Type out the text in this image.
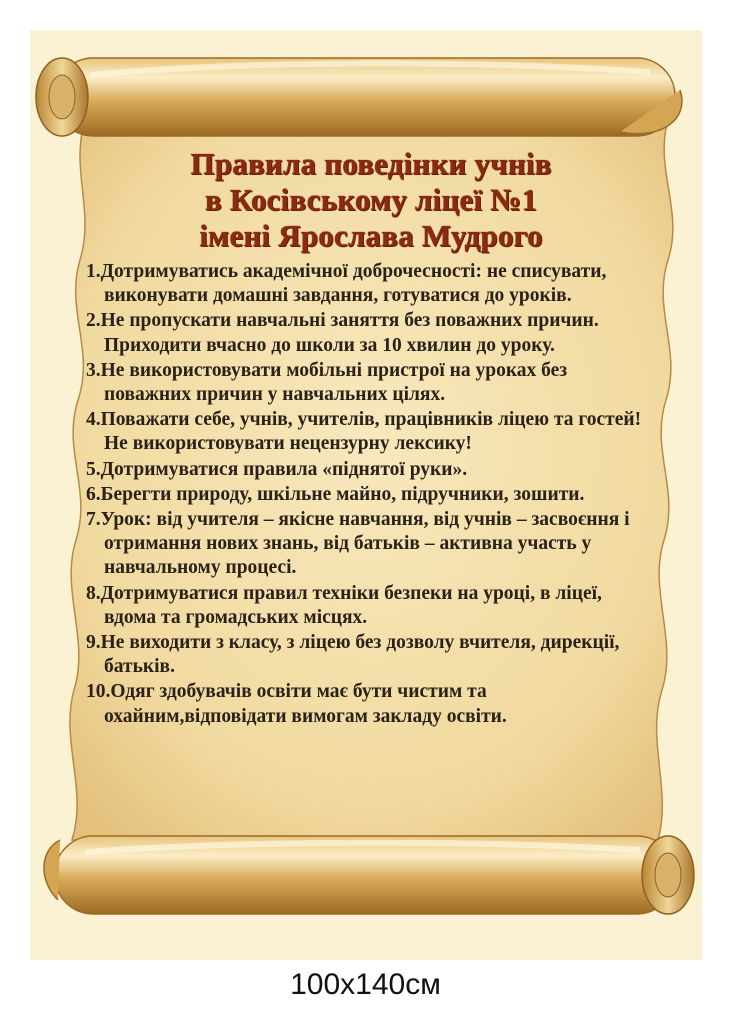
Правила поведінки учнів
в Косівському ліцеї №1
імені Ярослава Мудрого
1.Дотримуватись академічної доброчесності: не списувати, виконувати домашні завдання, готуватися до уроків.
2.Не пропускати навчальні заняття без поважних причин. Приходити вчасно до школи за 10 хвилин до уроку.
3.Не використовувати мобільні пристрої на уроках без поважних причин у навчальних цілях.
4.Поважати себе, учнів, учителів, працівників ліцею та гостей! Не використовувати нецензурну лексику!
5.Дотримуватися правила «піднятої руки».
6.Берегти природу, шкільне майно, підручники, зошити.
7.Урок: від учителя – якісне навчання, від учнів – засвоєння і отримання нових знань, від батьків – активна участь у навчальному процесі.
8.Дотримуватися правил техніки безпеки на уроці, в ліцеї, вдома та громадських місцях.
9.Не виходити з класу, з ліцею без дозволу вчителя, дирекції, батьків.
10.Одяг здобувачів освіти має бути чистим та охайним,відповідати вимогам закладу освіти.
100x140см
